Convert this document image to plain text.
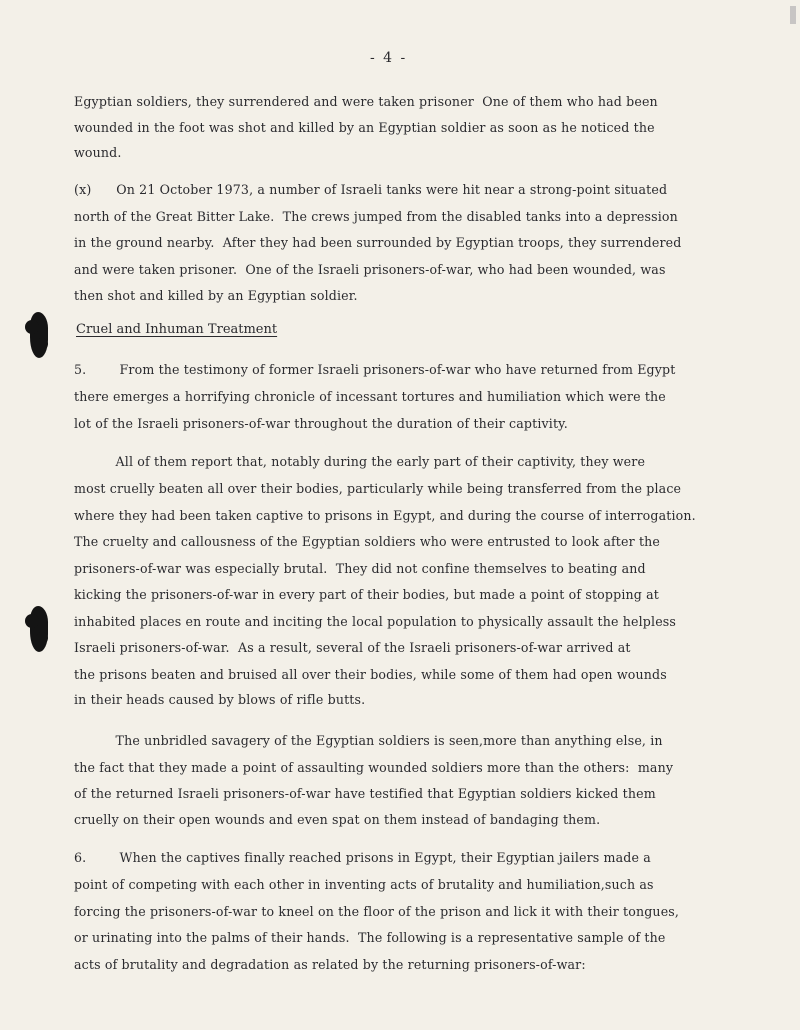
- 4 -
Egyptian soldiers, they surrendered and were taken prisoner  One of them who had been
wounded in the foot was shot and killed by an Egyptian soldier as soon as he noticed the
wound.
(x)      On 21 October 1973, a number of Israeli tanks were hit near a strong-point situated
north of the Great Bitter Lake.  The crews jumped from the disabled tanks into a depression
in the ground nearby.  After they had been surrounded by Egyptian troops, they surrendered
and were taken prisoner.  One of the Israeli prisoners-of-war, who had been wounded, was
then shot and killed by an Egyptian soldier.
Cruel and Inhuman Treatment
5.        From the testimony of former Israeli prisoners-of-war who have returned from Egypt
there emerges a horrifying chronicle of incessant tortures and humiliation which were the
lot of the Israeli prisoners-of-war throughout the duration of their captivity.
All of them report that, notably during the early part of their captivity, they were
most cruelly beaten all over their bodies, particularly while being transferred from the place
where they had been taken captive to prisons in Egypt, and during the course of interrogation.
The cruelty and callousness of the Egyptian soldiers who were entrusted to look after the
prisoners-of-war was especially brutal.  They did not confine themselves to beating and
kicking the prisoners-of-war in every part of their bodies, but made a point of stopping at
inhabited places en route and inciting the local population to physically assault the helpless
Israeli prisoners-of-war.  As a result, several of the Israeli prisoners-of-war arrived at
the prisons beaten and bruised all over their bodies, while some of them had open wounds
in their heads caused by blows of rifle butts.
The unbridled savagery of the Egyptian soldiers is seen,more than anything else, in
the fact that they made a point of assaulting wounded soldiers more than the others:  many
of the returned Israeli prisoners-of-war have testified that Egyptian soldiers kicked them
cruelly on their open wounds and even spat on them instead of bandaging them.
6.        When the captives finally reached prisons in Egypt, their Egyptian jailers made a
point of competing with each other in inventing acts of brutality and humiliation,such as
forcing the prisoners-of-war to kneel on the floor of the prison and lick it with their tongues,
or urinating into the palms of their hands.  The following is a representative sample of the
acts of brutality and degradation as related by the returning prisoners-of-war:
